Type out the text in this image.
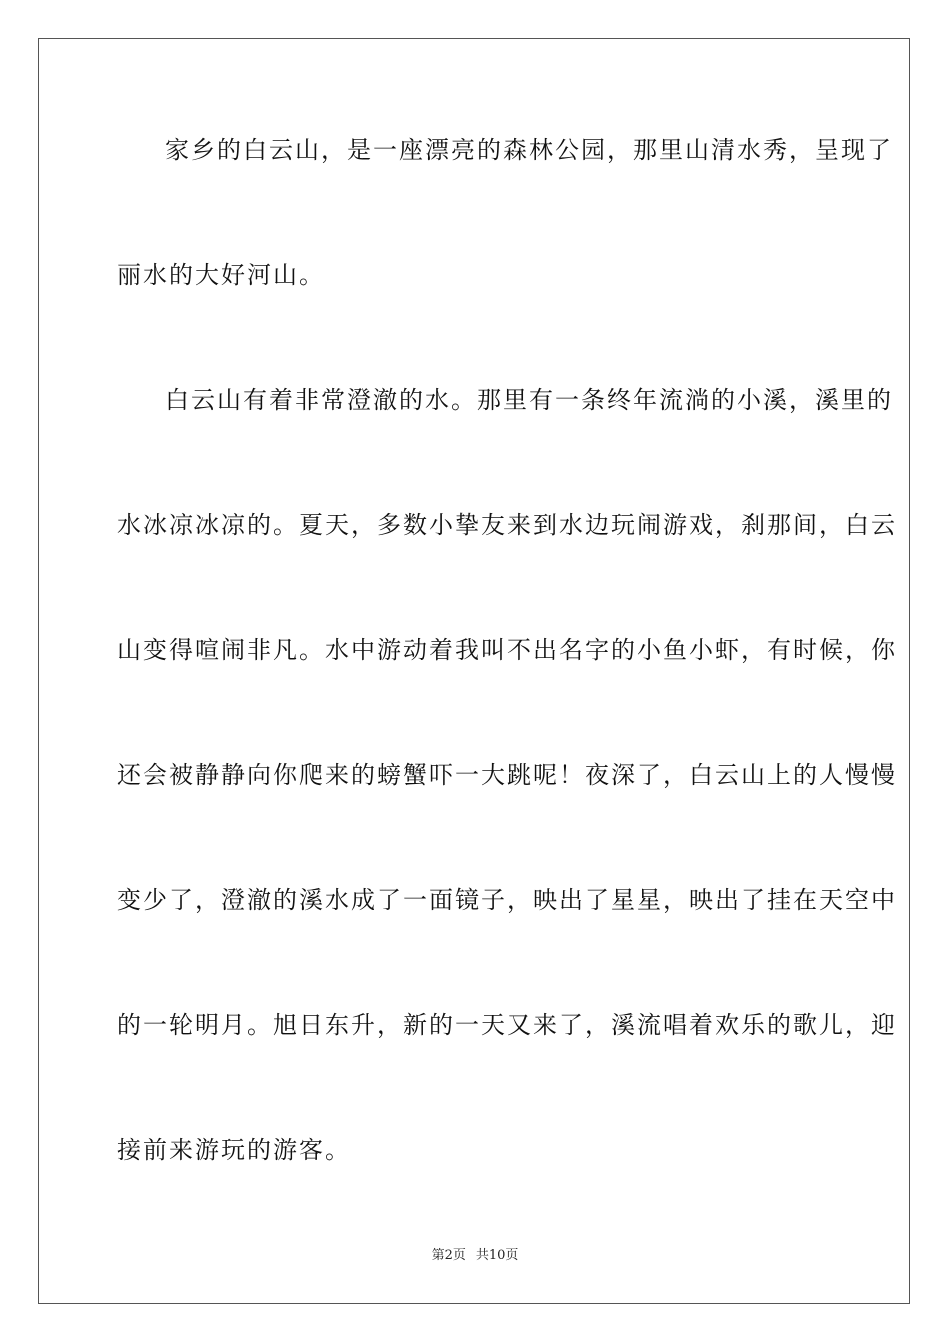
家乡的白云山，是一座漂亮的森林公园，那里山清水秀，呈现了
丽水的大好河山。
白云山有着非常澄澈的水。那里有一条终年流淌的小溪，溪里的
水冰凉冰凉的。夏天，多数小挚友来到水边玩闹游戏，刹那间，白云
山变得喧闹非凡。水中游动着我叫不出名字的小鱼小虾，有时候，你
还会被静静向你爬来的螃蟹吓一大跳呢！夜深了，白云山上的人慢慢
变少了，澄澈的溪水成了一面镜子，映出了星星，映出了挂在天空中
的一轮明月。旭日东升，新的一天又来了，溪流唱着欢乐的歌儿，迎
接前来游玩的游客。
第2页 共10页
